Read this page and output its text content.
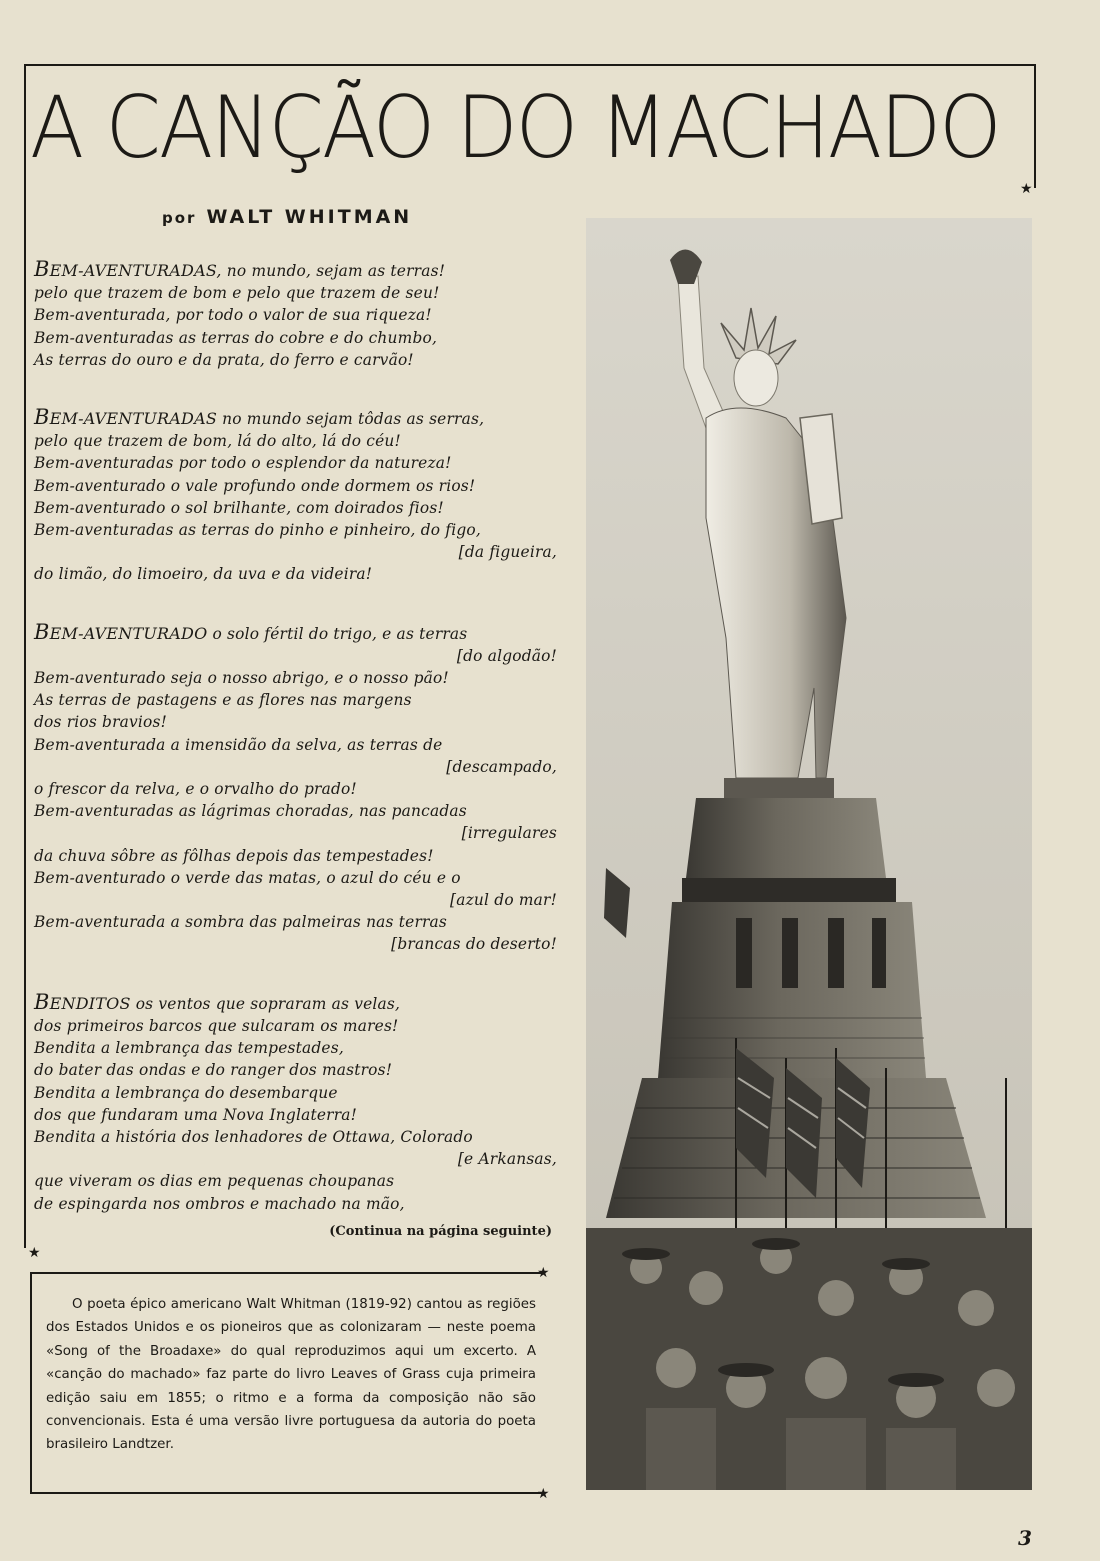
★
★
★
★
A CANÇÃO DO MACHADO
por WALT WHITMAN
BEM-AVENTURADAS, no mundo, sejam as terras!
pelo que trazem de bom e pelo que trazem de seu!
Bem-aventurada, por todo o valor de sua riqueza!
Bem-aventuradas as terras do cobre e do chumbo,
As terras do ouro e da prata, do ferro e carvão!
BEM-AVENTURADAS no mundo sejam tôdas as serras,
pelo que trazem de bom, lá do alto, lá do céu!
Bem-aventuradas por todo o esplendor da natureza!
Bem-aventurado o vale profundo onde dormem os rios!
Bem-aventurado o sol brilhante, com doirados fios!
Bem-aventuradas as terras do pinho e pinheiro, do figo,
[da figueira,
do limão, do limoeiro, da uva e da videira!
BEM-AVENTURADO o solo fértil do trigo, e as terras
[do algodão!
Bem-aventurado seja o nosso abrigo, e o nosso pão!
As terras de pastagens e as flores nas margens
dos rios bravios!
Bem-aventurada a imensidão da selva, as terras de
[descampado,
o frescor da relva, e o orvalho do prado!
Bem-aventuradas as lágrimas choradas, nas pancadas
[irregulares
da chuva sôbre as fôlhas depois das tempestades!
Bem-aventurado o verde das matas, o azul do céu e o
[azul do mar!
Bem-aventurada a sombra das palmeiras nas terras
[brancas do deserto!
BENDITOS os ventos que sopraram as velas,
dos primeiros barcos que sulcaram os mares!
Bendita a lembrança das tempestades,
do bater das ondas e do ranger dos mastros!
Bendita a lembrança do desembarque
dos que fundaram uma Nova Inglaterra!
Bendita a história dos lenhadores de Ottawa, Colorado
[e Arkansas,
que viveram os dias em pequenas choupanas
de espingarda nos ombros e machado na mão,
(Continua na página seguinte)
O poeta épico americano Walt Whitman (1819-92) cantou as regiões dos Estados Unidos e os pioneiros que as colonizaram — neste poema «Song of the Broadaxe» do qual reproduzimos aqui um excerto. A «canção do machado» faz parte do livro Leaves of Grass cuja primeira edição saiu em 1855; o ritmo e a forma da composição não são convencionais. Esta é uma versão livre portuguesa da autoria do poeta brasileiro Landtzer.
3
